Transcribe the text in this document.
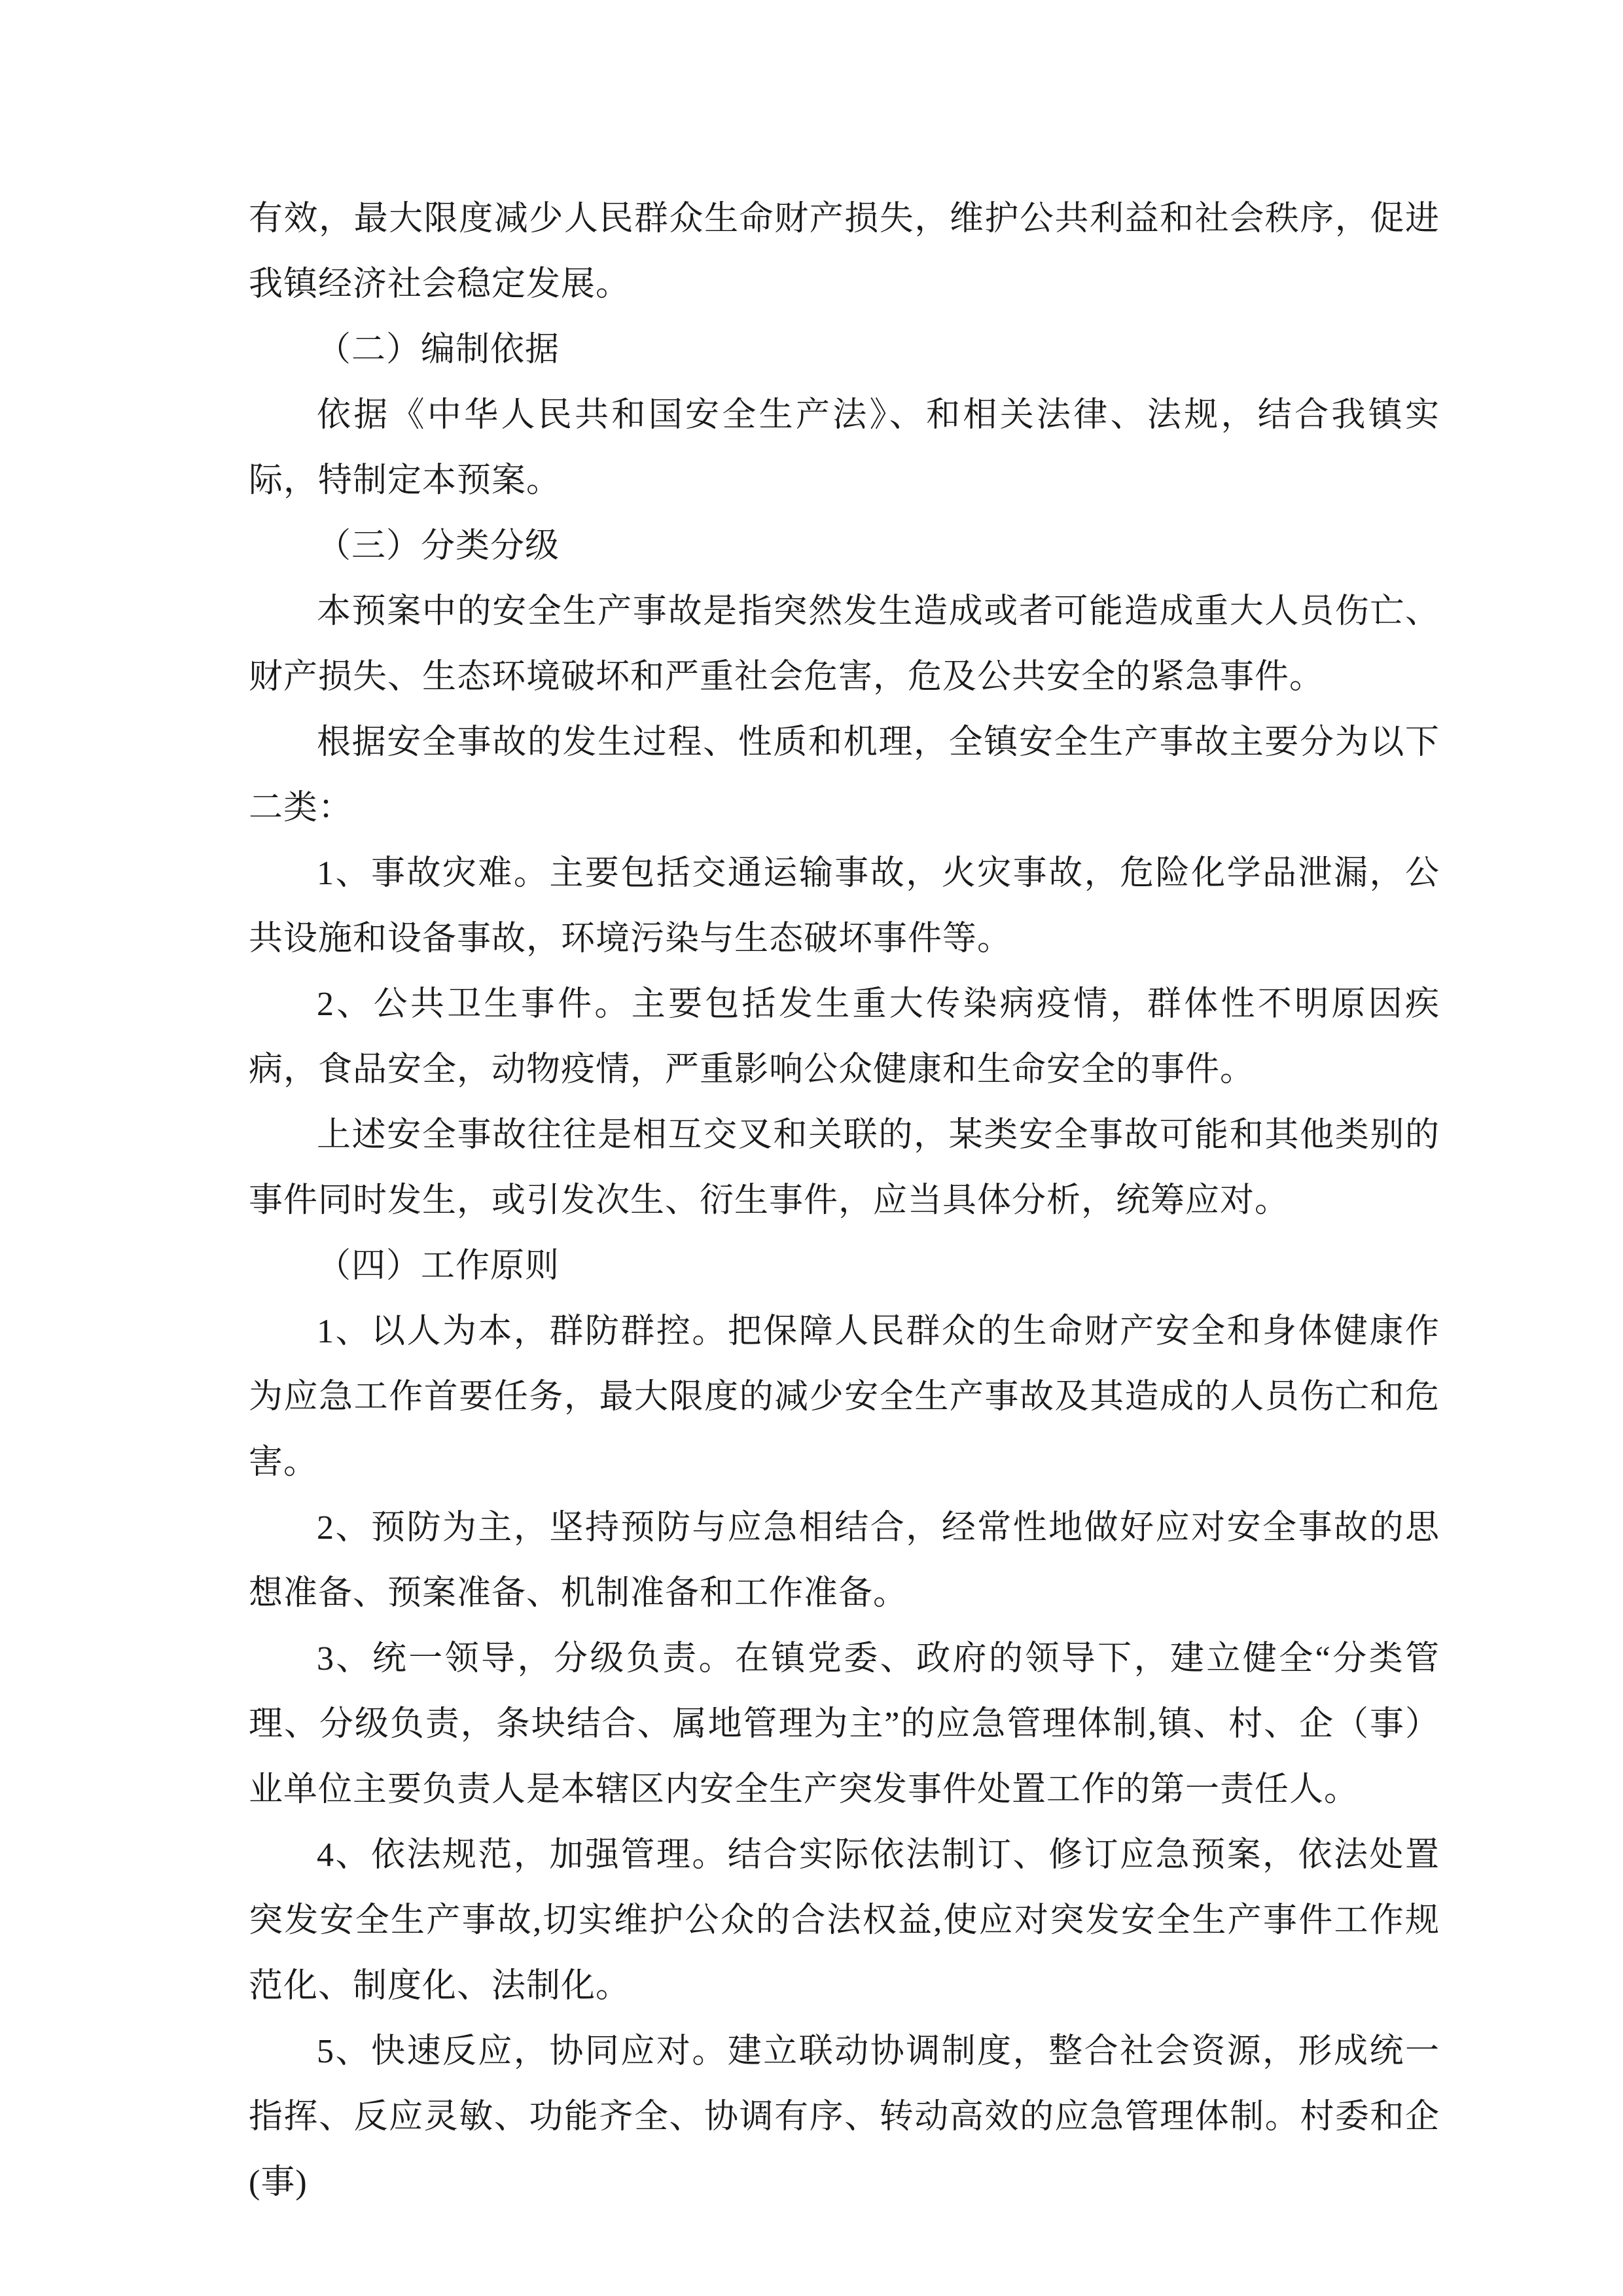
有效，最大限度减少人民群众生命财产损失，维护公共利益和社会秩序，促进我镇经济社会稳定发展。

（二）编制依据

依据《中华人民共和国安全生产法》、和相关法律、法规，结合我镇实际，特制定本预案。

（三）分类分级

本预案中的安全生产事故是指突然发生造成或者可能造成重大人员伤亡、财产损失、生态环境破坏和严重社会危害，危及公共安全的紧急事件。

根据安全事故的发生过程、性质和机理，全镇安全生产事故主要分为以下二类：

1、事故灾难。主要包括交通运输事故，火灾事故，危险化学品泄漏，公共设施和设备事故，环境污染与生态破坏事件等。

2、公共卫生事件。主要包括发生重大传染病疫情，群体性不明原因疾病，食品安全，动物疫情，严重影响公众健康和生命安全的事件。

上述安全事故往往是相互交叉和关联的，某类安全事故可能和其他类别的事件同时发生，或引发次生、衍生事件，应当具体分析，统筹应对。

（四）工作原则

1、以人为本，群防群控。把保障人民群众的生命财产安全和身体健康作为应急工作首要任务，最大限度的减少安全生产事故及其造成的人员伤亡和危害。

2、预防为主，坚持预防与应急相结合，经常性地做好应对安全事故的思想准备、预案准备、机制准备和工作准备。

3、统一领导，分级负责。在镇党委、政府的领导下，建立健全“分类管理、分级负责，条块结合、属地管理为主”的应急管理体制,镇、村、企（事）业单位主要负责人是本辖区内安全生产突发事件处置工作的第一责任人。

4、依法规范，加强管理。结合实际依法制订、修订应急预案，依法处置突发安全生产事故,切实维护公众的合法权益,使应对突发安全生产事件工作规范化、制度化、法制化。

5、快速反应，协同应对。建立联动协调制度，整合社会资源，形成统一指挥、反应灵敏、功能齐全、协调有序、转动高效的应急管理体制。村委和企(事)
